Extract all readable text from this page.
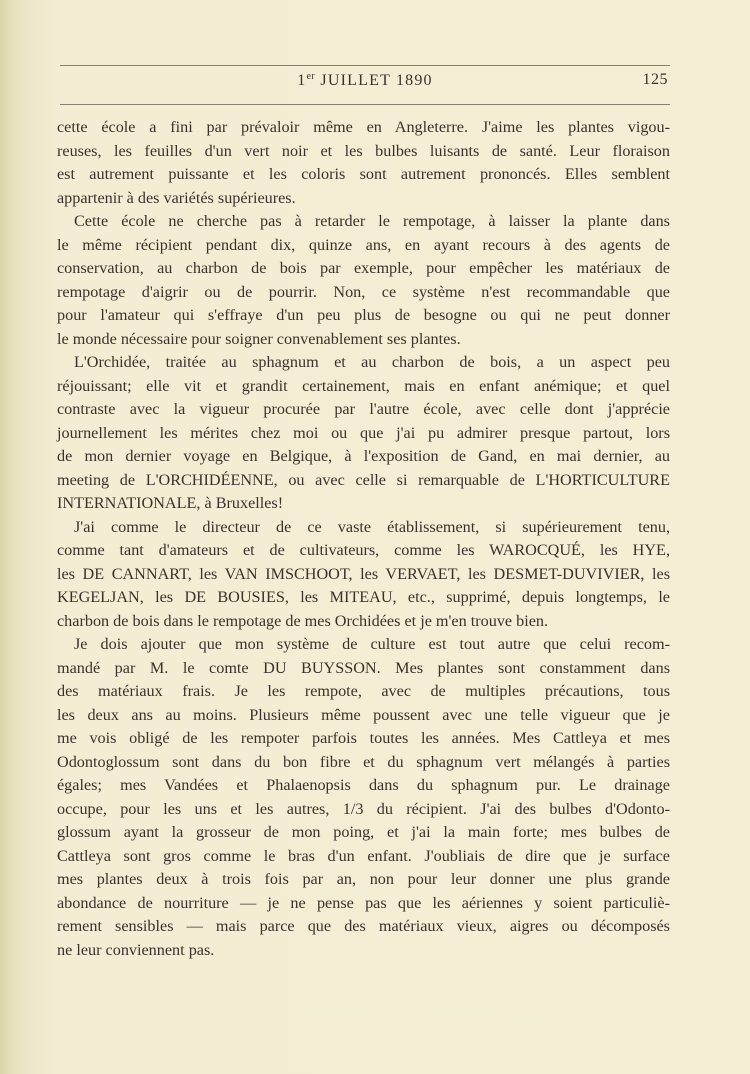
1er JUILLET 1890	125
cette école a fini par prévaloir même en Angleterre. J'aime les plantes vigou-
reuses, les feuilles d'un vert noir et les bulbes luisants de santé. Leur floraison
est autrement puissante et les coloris sont autrement prononcés. Elles semblent
appartenir à des variétés supérieures.
Cette école ne cherche pas à retarder le rempotage, à laisser la plante dans
le même récipient pendant dix, quinze ans, en ayant recours à des agents de
conservation, au charbon de bois par exemple, pour empêcher les matériaux de
rempotage d'aigrir ou de pourrir. Non, ce système n'est recommandable que
pour l'amateur qui s'effraye d'un peu plus de besogne ou qui ne peut donner
le monde nécessaire pour soigner convenablement ses plantes.
L'Orchidée, traitée au sphagnum et au charbon de bois, a un aspect peu
réjouissant; elle vit et grandit certainement, mais en enfant anémique; et quel
contraste avec la vigueur procurée par l'autre école, avec celle dont j'apprécie
journellement les mérites chez moi ou que j'ai pu admirer presque partout, lors
de mon dernier voyage en Belgique, à l'exposition de Gand, en mai dernier, au
meeting de L'ORCHIDÉENNE, ou avec celle si remarquable de L'HORTICULTURE
INTERNATIONALE, à Bruxelles!
J'ai comme le directeur de ce vaste établissement, si supérieurement tenu,
comme tant d'amateurs et de cultivateurs, comme les WAROCQUÉ, les HYE,
les DE CANNART, les VAN IMSCHOOT, les VERVAET, les DESMET-DUVIVIER, les
KEGELJAN, les DE BOUSIES, les MITEAU, etc., supprimé, depuis longtemps, le
charbon de bois dans le rempotage de mes Orchidées et je m'en trouve bien.
Je dois ajouter que mon système de culture est tout autre que celui recom-
mandé par M. le comte DU BUYSSON. Mes plantes sont constamment dans
des matériaux frais. Je les rempote, avec de multiples précautions, tous
les deux ans au moins. Plusieurs même poussent avec une telle vigueur que je
me vois obligé de les rempoter parfois toutes les années. Mes Cattleya et mes
Odontoglossum sont dans du bon fibre et du sphagnum vert mélangés à parties
égales; mes Vandées et Phalaenopsis dans du sphagnum pur. Le drainage
occupe, pour les uns et les autres, 1/3 du récipient. J'ai des bulbes d'Odonto-
glossum ayant la grosseur de mon poing, et j'ai la main forte; mes bulbes de
Cattleya sont gros comme le bras d'un enfant. J'oubliais de dire que je surface
mes plantes deux à trois fois par an, non pour leur donner une plus grande
abondance de nourriture — je ne pense pas que les aériennes y soient particuliè-
rement sensibles — mais parce que des matériaux vieux, aigres ou décomposés
ne leur conviennent pas.
